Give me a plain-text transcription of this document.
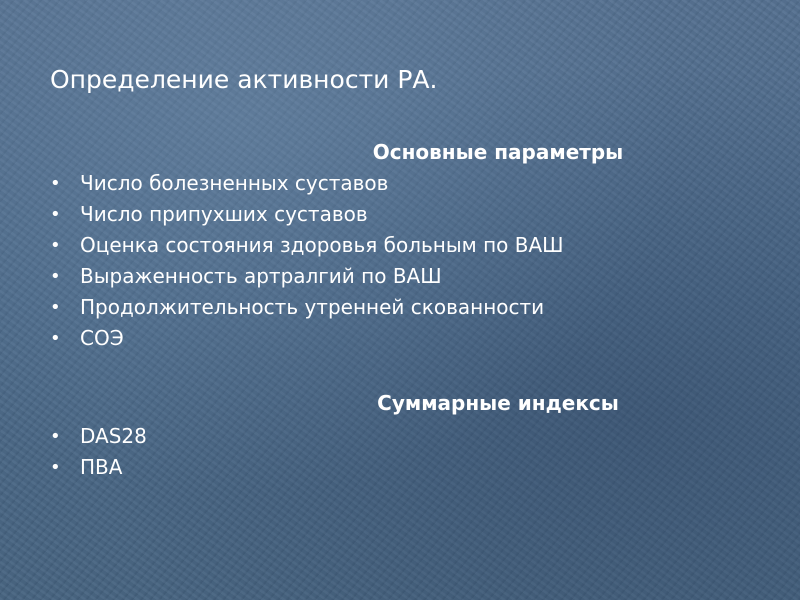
Определение активности РА.
Основные параметры
• Число болезненных суставов
• Число припухших суставов
• Оценка состояния здоровья больным по ВАШ
• Выраженность артралгий по ВАШ
• Продолжительность утренней скованности
• СОЭ
Суммарные индексы
• DAS28
• ПВА
